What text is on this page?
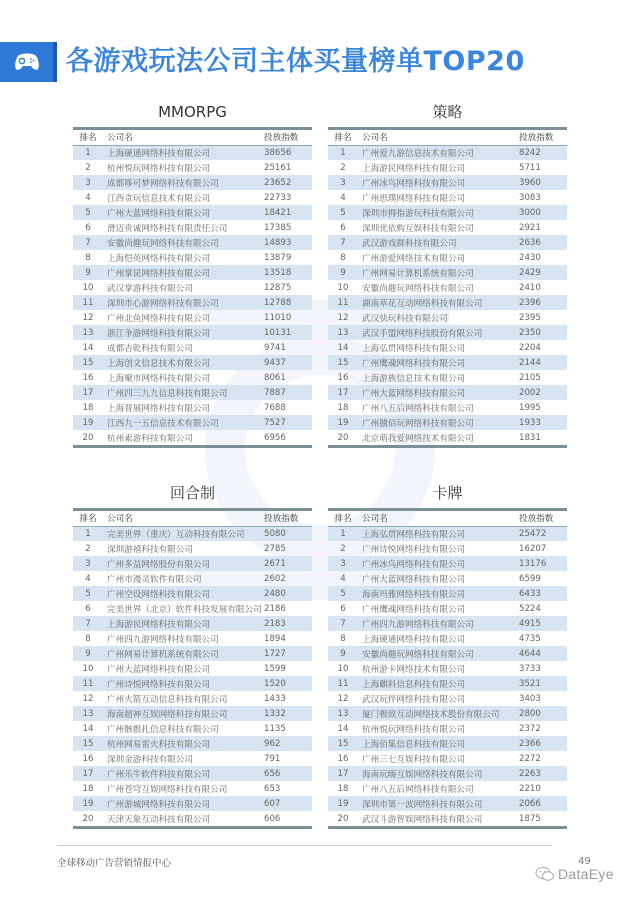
各游戏玩法公司主体买量榜单TOP20
MMORPG
排名	公司名	投放指数
1	上海硬通网络科技有限公司	38656
2	杭州悦玩网络科技有限公司	25161
3	成都哆可梦网络科技有限公司	23652
4	江西贪玩信息技术有限公司	22733
5	广州大蓝网络科技有限公司	18421
6	滑迈贵诚网络科技有限责任公司	17385
7	安徽尚趣玩网络科技有限公司	14893
8	上海恺英网络科技有限公司	13879
9	广州掌昆网络科技有限公司	13518
10	武汉掌游科技有限公司	12875
11	深圳市心游网络科技有限公司	12788
12	广州北鱼网络科技有限公司	11010
13	浙江争游网络科技有限公司	10131
14	成都吉乾科技有限公司	9741
15	上海创文信息技术有限公司	9437
16	上海聚市网络科技有限公司	8061
17	广州四三九九信息科技有限公司	7887
18	上海晋展网络科技有限公司	7688
19	江西九一五信息技术有限公司	7527
20	杭州索游科技有限公司	6956
策略
排名	公司名	投放指数
1	广州爱九游信息技术有限公司	8242
2	上海游民网络科技有限公司	5711
3	广州冰鸟网络科技有限公司	3960
4	广州思璞网络科技有限公司	3083
5	深圳市拇指游玩科技有限公司	3000
6	深圳优依购互娱科技有限公司	2921
7	武汉游戏群科技有限公司	2636
8	广州游爱网络技术有限公司	2430
9	广州网易计算机系统有限公司	2429
10	安徽尚趣玩网络科技有限公司	2410
11	湖南草花互动网络科技有限公司	2396
12	武汉快玩科技有限公司	2395
13	武汉手盟网络科技股份有限公司	2350
14	上海弘贯网络科技有限公司	2204
15	广州鹰魂网络科技有限公司	2144
16	上海游族信息技术有限公司	2105
17	广州大蓝网络科技有限公司	2002
18	广州八五后网络科技有限公司	1995
19	广州捌佰玩网络科技有限公司	1933
20	北京萌我爱网络技术有限公司	1831
回合制
排名	公司名	投放指数
1	完美世界（重庆）互动科技有限公司	5080
2	深圳游禧科技有限公司	2785
3	广州多益网络股份有限公司	2671
4	广州市漫灵软件有限公司	2602
5	广州空设网络科技有限公司	2480
6	完美世界（北京）软件科技发展有限公司	2186
7	上海游民网络科技有限公司	2183
8	广州四九游网络科技有限公司	1894
9	广州网易计算机系统有限公司	1727
10	广州大蓝网络科技有限公司	1599
11	广州诗悦网络科技有限公司	1520
12	广州火箭互动信息科技有限公司	1433
13	海南超神互娱网络科技有限公司	1332
14	广州骸骰扎信息科技有限公司	1135
15	杭州网易雷火科技有限公司	962
16	深圳金游科技有限公司	791
17	广州乐牛软件科技有限公司	656
18	广州苍穹互娱网络科技有限公司	653
19	广州游城网络科技有限公司	607
20	天津天象互动科技有限公司	606
卡牌
排名	公司名	投放指数
1	上海弘贯网络科技有限公司	25472
2	广州诗悦网络科技有限公司	16207
3	广州冰鸟网络科技有限公司	13176
4	广州大蓝网络科技有限公司	6599
5	海南玛雅网络科技有限公司	6433
6	广州鹰魂网络科技有限公司	5224
7	广州四九游网络科技有限公司	4915
8	上海硬通网络科技有限公司	4735
9	安徽尚趣玩网络科技有限公司	4644
10	杭州游卡网络技术有限公司	3733
11	上海麒料信息科技有限公司	3521
12	武汉玩伴网络科技有限公司	3403
13	厦门极致互动网络技术股份有限公司	2800
14	杭州悦玩网络科技有限公司	2372
15	上海佰集信息科技有限公司	2366
16	广州三七互娱科技有限公司	2272
17	海南玩嗨互娱网络科技有限公司	2263
18	广州八五后网络科技有限公司	2210
19	深圳市第一波网络科技有限公司	2066
20	武汉斗游智娱网络科技有限公司	1875
全球移动广告营销情报中心	49
DataEye
